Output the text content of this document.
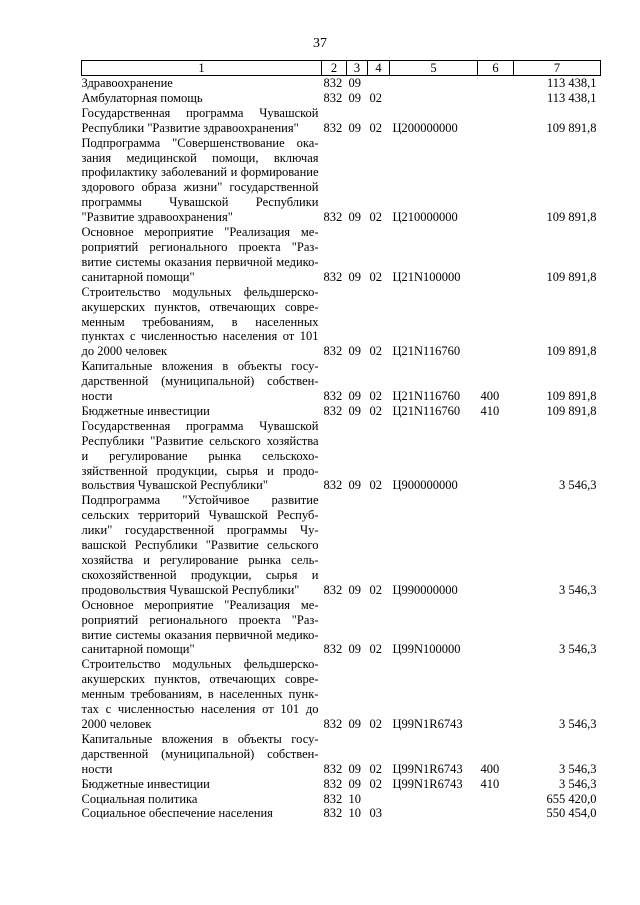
37
1	2	3	4	5	6	7
Здравоохранение	832	09				113 438,1
Амбулаторная помощь	832	09	02			113 438,1
Государственная программа Чувашской Республики "Развитие здравоохранения"	832	09	02	Ц200000000		109 891,8
Подпрограмма "Совершенствование оказания медицинской помощи, включая профилактику заболеваний и формирование здорового образа жизни" государственной программы Чувашской Республики "Развитие здравоохранения"	832	09	02	Ц210000000		109 891,8
Основное мероприятие "Реализация мероприятий регионального проекта "Развитие системы оказания первичной медико-санитарной помощи"	832	09	02	Ц21N100000		109 891,8
Строительство модульных фельдшерско-акушерских пунктов, отвечающих современным требованиям, в населенных пунктах с численностью населения от 101 до 2000 человек	832	09	02	Ц21N116760		109 891,8
Капитальные вложения в объекты государственной (муниципальной) собственности	832	09	02	Ц21N116760	400	109 891,8
Бюджетные инвестиции	832	09	02	Ц21N116760	410	109 891,8
Государственная программа Чувашской Республики "Развитие сельского хозяйства и регулирование рынка сельскохозяйственной продукции, сырья и продовольствия Чувашской Республики"	832	09	02	Ц900000000		3 546,3
Подпрограмма "Устойчивое развитие сельских территорий Чувашской Республики" государственной программы Чувашской Республики "Развитие сельского хозяйства и регулирование рынка сельскохозяйственной продукции, сырья и продовольствия Чувашской Республики"	832	09	02	Ц990000000		3 546,3
Основное мероприятие "Реализация мероприятий регионального проекта "Развитие системы оказания первичной медико-санитарной помощи"	832	09	02	Ц99N100000		3 546,3
Строительство модульных фельдшерско-акушерских пунктов, отвечающих современным требованиям, в населенных пунктах с численностью населения от 101 до 2000 человек	832	09	02	Ц99N1R6743		3 546,3
Капитальные вложения в объекты государственной (муниципальной) собственности	832	09	02	Ц99N1R6743	400	3 546,3
Бюджетные инвестиции	832	09	02	Ц99N1R6743	410	3 546,3
Социальная политика	832	10				655 420,0
Социальное обеспечение населения	832	10	03			550 454,0
